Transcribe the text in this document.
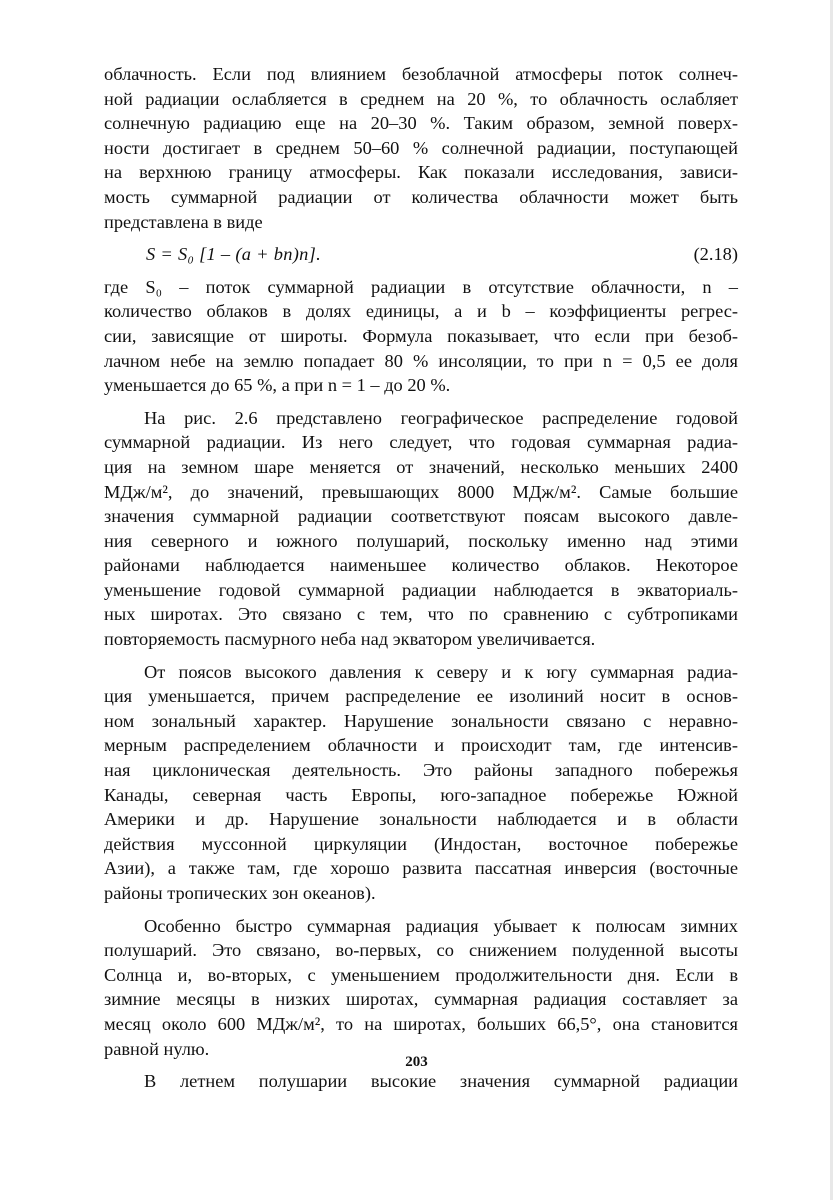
облачность. Если под влиянием безоблачной атмосферы поток солнеч-
ной радиации ослабляется в среднем на 20 %, то облачность ослабляет
солнечную радиацию еще на 20–30 %. Таким образом, земной поверх-
ности достигает в среднем 50–60 % солнечной радиации, поступающей
на верхнюю границу атмосферы. Как показали исследования, зависи-
мость суммарной радиации от количества облачности может быть
представлена в виде

S = S₀ [1 – (a + bn)n].	(2.18)

где S₀ – поток суммарной радиации в отсутствие облачности, n –
количество облаков в долях единицы, a и b – коэффициенты регрес-
сии, зависящие от широты. Формула показывает, что если при безоб-
лачном небе на землю попадает 80 % инсоляции, то при n = 0,5 ее доля
уменьшается до 65 %, а при n = 1 – до 20 %.

На рис. 2.6 представлено географическое распределение годовой
суммарной радиации. Из него следует, что годовая суммарная радиа-
ция на земном шаре меняется от значений, несколько меньших 2400
МДж/м², до значений, превышающих 8000 МДж/м². Самые большие
значения суммарной радиации соответствуют поясам высокого давле-
ния северного и южного полушарий, поскольку именно над этими
районами наблюдается наименьшее количество облаков. Некоторое
уменьшение годовой суммарной радиации наблюдается в экваториаль-
ных широтах. Это связано с тем, что по сравнению с субтропиками
повторяемость пасмурного неба над экватором увеличивается.

От поясов высокого давления к северу и к югу суммарная радиа-
ция уменьшается, причем распределение ее изолиний носит в основ-
ном зональный характер. Нарушение зональности связано с неравно-
мерным распределением облачности и происходит там, где интенсив-
ная циклоническая деятельность. Это районы западного побережья
Канады, северная часть Европы, юго-западное побережье Южной
Америки и др. Нарушение зональности наблюдается и в области
действия муссонной циркуляции (Индостан, восточное побережье
Азии), а также там, где хорошо развита пассатная инверсия (восточные
районы тропических зон океанов).

Особенно быстро суммарная радиация убывает к полюсам зимних
полушарий. Это связано, во-первых, со снижением полуденной высоты
Солнца и, во-вторых, с уменьшением продолжительности дня. Если в
зимние месяцы в низких широтах, суммарная радиация составляет за
месяц около 600 МДж/м², то на широтах, больших 66,5°, она становится
равной нулю.

В летнем полушарии высокие значения суммарной радиации

203
